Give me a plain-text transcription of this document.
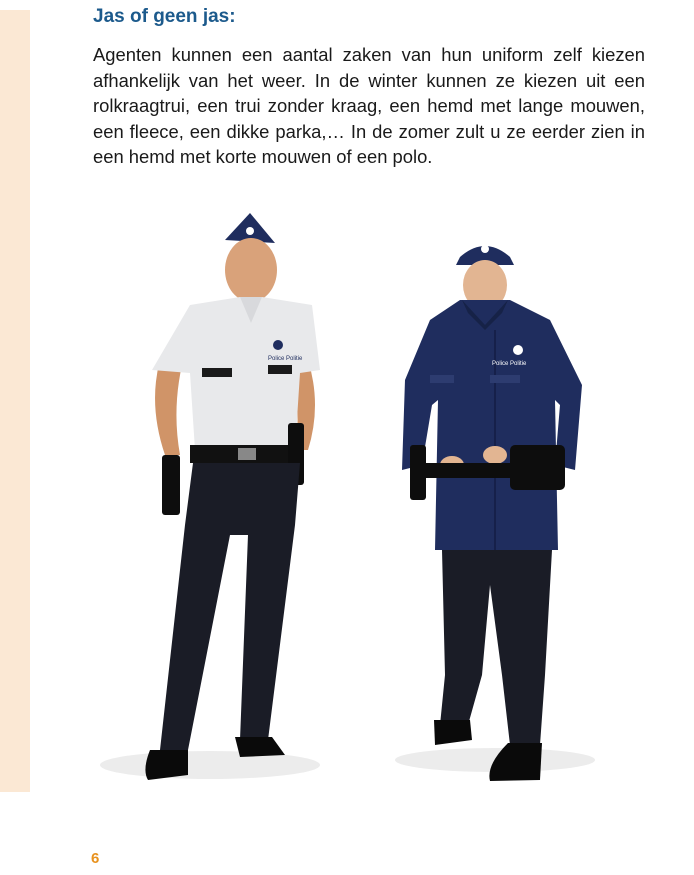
Jas of geen jas:

Agenten kunnen een aantal zaken van hun uniform zelf kiezen afhankelijk van het weer. In de winter kunnen ze kiezen uit een rolkraagtrui, een trui zonder kraag, een hemd met lange mouwen, een fleece, een dikke parka,… In de zomer zult u ze eerder zien in een hemd met korte mouwen of een polo.

Police Politie
Police Politie
6
